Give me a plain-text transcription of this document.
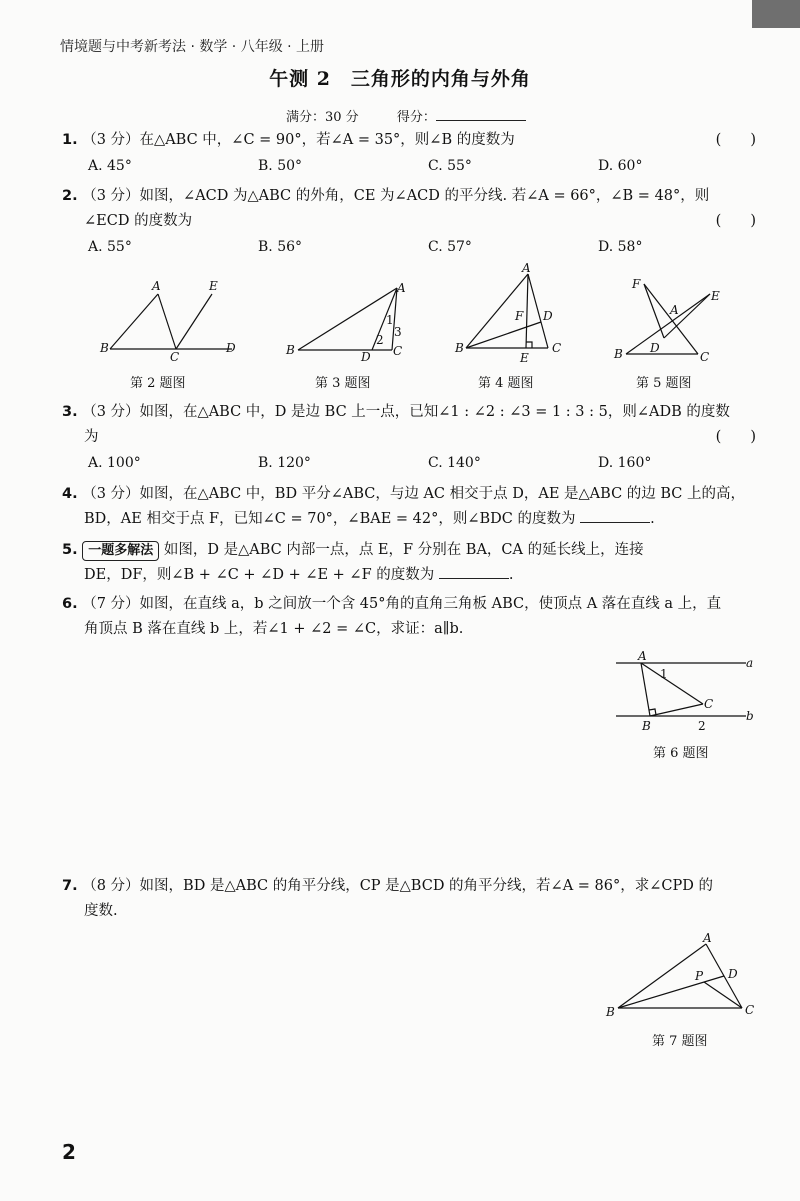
情境题与中考新考法 · 数学 · 八年级 · 上册
午测 2　三角形的内角与外角
满分：30 分	得分：
1. （3 分）在△ABC 中，∠C = 90°，若∠A = 35°，则∠B 的度数为	(　　)
A. 45°	B. 50°	C. 55°	D. 60°
2. （3 分）如图，∠ACD 为△ABC 的外角，CE 为∠ACD 的平分线. 若∠A = 66°，∠B = 48°，则
∠ECD 的度数为	(　　)
A. 55°	B. 56°	C. 57°	D. 58°
B
A
C
E
D	B
A
C
D
1
2
3
B
A
C
E
D
F
B	C
F
E
A
D
第 2 题图	第 3 题图	第 4 题图	第 5 题图
3. （3 分）如图，在△ABC 中，D 是边 BC 上一点，已知∠1 : ∠2 : ∠3 = 1 : 3 : 5，则∠ADB 的度数
为	(　　)
A. 100°	B. 120°	C. 140°	D. 160°
4. （3 分）如图，在△ABC 中，BD 平分∠ABC，与边 AC 相交于点 D，AE 是△ABC 的边 BC 上的高，
BD，AE 相交于点 F，已知∠C = 70°，∠BAE = 42°，则∠BDC 的度数为	.
5. 一题多解法 如图，D 是△ABC 内部一点，点 E，F 分别在 BA，CA 的延长线上，连接
DE，DF，则∠B + ∠C + ∠D + ∠E + ∠F 的度数为	.
6. （7 分）如图，在直线 a，b 之间放一个含 45°角的直角三角板 ABC，使顶点 A 落在直线 a 上，直
角顶点 B 落在直线 b 上，若∠1 + ∠2 = ∠C，求证：a∥b.
A	a
b
B
C
1
2
第 6 题图
7. （8 分）如图，BD 是△ABC 的角平分线，CP 是△BCD 的角平分线，若∠A = 86°，求∠CPD 的
度数.
B
A
C
D
P
第 7 题图
2
